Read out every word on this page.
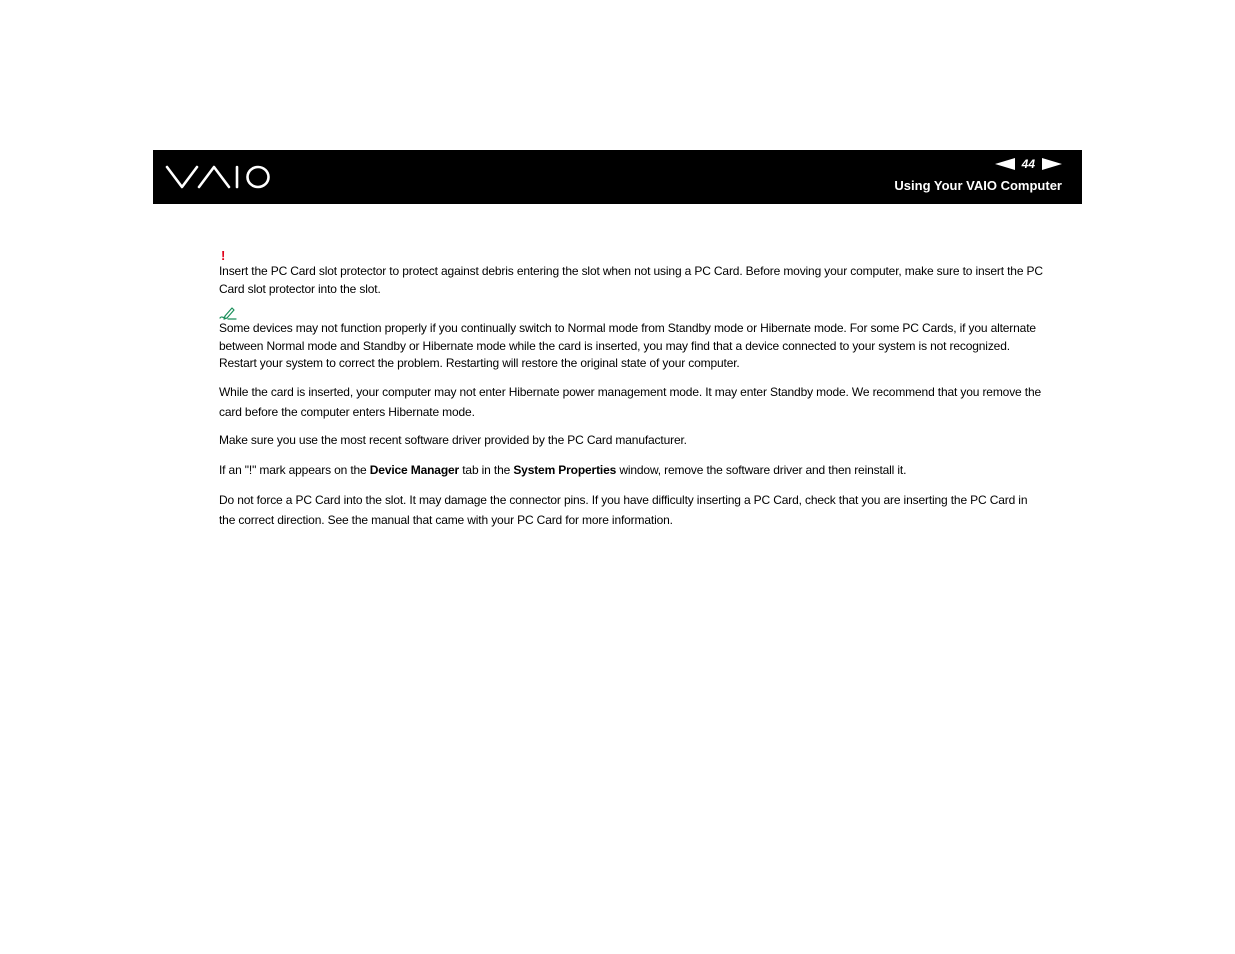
44
Using Your VAIO Computer
!

Insert the PC Card slot protector to protect against debris entering the slot when not using a PC Card. Before moving your computer, make sure to insert the PC Card slot protector into the slot.

Some devices may not function properly if you continually switch to Normal mode from Standby mode or Hibernate mode. For some PC Cards, if you alternate between Normal mode and Standby or Hibernate mode while the card is inserted, you may find that a device connected to your system is not recognized. Restart your system to correct the problem. Restarting will restore the original state of your computer.

While the card is inserted, your computer may not enter Hibernate power management mode. It may enter Standby mode. We recommend that you remove the card before the computer enters Hibernate mode.

Make sure you use the most recent software driver provided by the PC Card manufacturer.

If an "!" mark appears on the Device Manager tab in the System Properties window, remove the software driver and then reinstall it.

Do not force a PC Card into the slot. It may damage the connector pins. If you have difficulty inserting a PC Card, check that you are inserting the PC Card in the correct direction. See the manual that came with your PC Card for more information.
